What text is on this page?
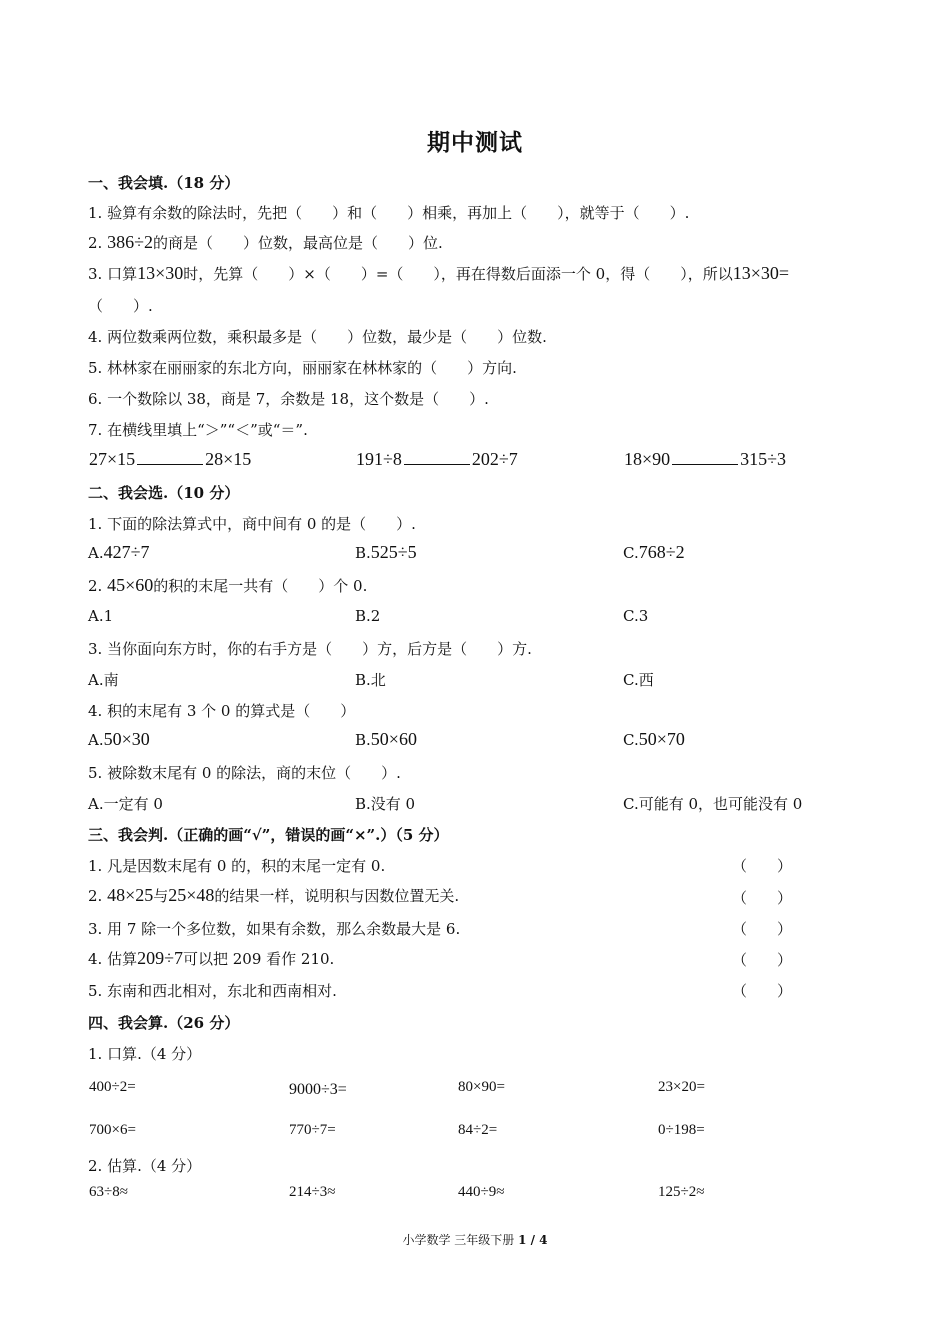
期中测试
一、我会填.（18 分）
1. 验算有余数的除法时，先把（　　）和（　　）相乘，再加上（　　），就等于（　　）.
2. 386÷2的商是（　　）位数，最高位是（　　）位.
3. 口算13×30时，先算（　　）×（　　）=（　　），再在得数后面添一个 0，得（　　），所以13×30=
（　　）.
4. 两位数乘两位数，乘积最多是（　　）位数，最少是（　　）位数.
5. 林林家在丽丽家的东北方向，丽丽家在林林家的（　　）方向.
6. 一个数除以 38，商是 7，余数是 18，这个数是（　　）.
7. 在横线里填上“＞”“＜”或“＝”.
27×15	28×15	191÷8	202÷7	18×90	315÷3
二、我会选.（10 分）
1. 下面的除法算式中，商中间有 0 的是（　　）.
A.427÷7	B.525÷5	C.768÷2
2. 45×60的积的末尾一共有（　　）个 0.
A.1	B.2	C.3
3. 当你面向东方时，你的右手方是（　　）方，后方是（　　）方.
A.南	B.北	C.西
4. 积的末尾有 3 个 0 的算式是（　　）
A.50×30	B.50×60	C.50×70
5. 被除数末尾有 0 的除法，商的末位（　　）.
A.一定有 0	B.没有 0	C.可能有 0，也可能没有 0
三、我会判.（正确的画“√”，错误的画“×”.）（5 分）
1. 凡是因数末尾有 0 的，积的末尾一定有 0.	（　　）
2. 48×25与25×48的结果一样，说明积与因数位置无关.	（　　）
3. 用 7 除一个多位数，如果有余数，那么余数最大是 6.	（　　）
4. 估算209÷7可以把 209 看作 210.	（　　）
5. 东南和西北相对，东北和西南相对.	（　　）
四、我会算.（26 分）
1. 口算.（4 分）
400÷2=	9000÷3=	80×90=	23×20=
700×6=	770÷7=	84÷2=	0÷198=
2. 估算.（4 分）
63÷8≈	214÷3≈	440÷9≈	125÷2≈
小学数学 三年级下册 1 / 4
